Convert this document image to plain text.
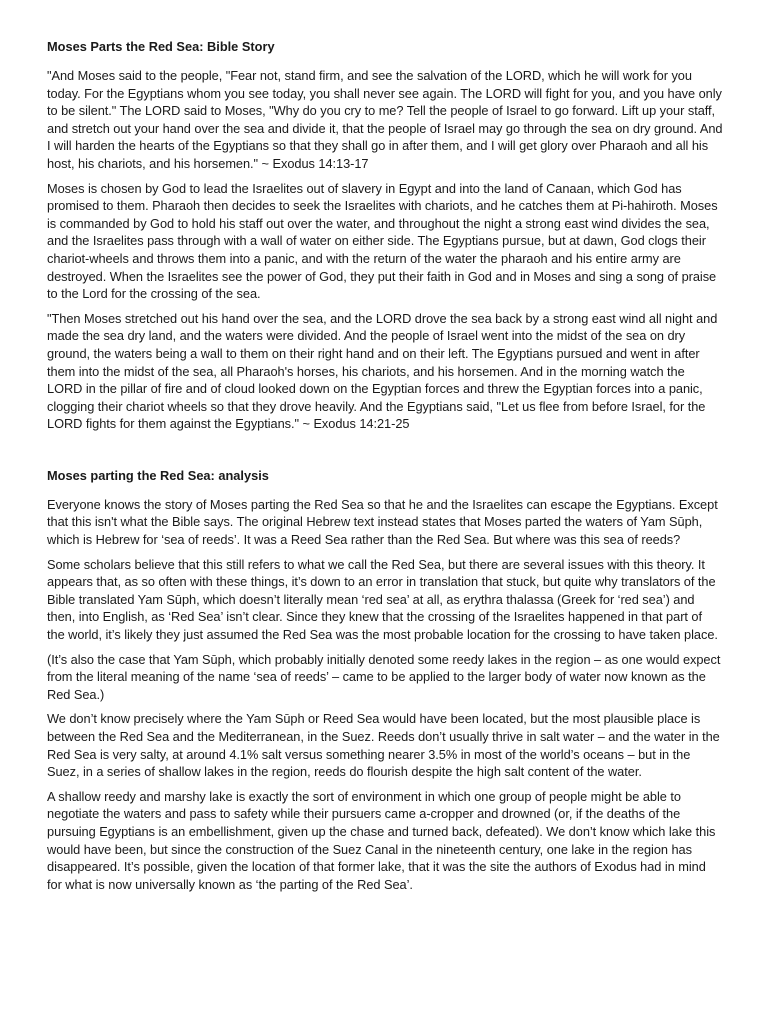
Moses Parts the Red Sea: Bible Story

"And Moses said to the people, "Fear not, stand firm, and see the salvation of the LORD, which he will work for you today. For the Egyptians whom you see today, you shall never see again. The LORD will fight for you, and you have only to be silent." The LORD said to Moses, "Why do you cry to me? Tell the people of Israel to go forward. Lift up your staff, and stretch out your hand over the sea and divide it, that the people of Israel may go through the sea on dry ground. And I will harden the hearts of the Egyptians so that they shall go in after them, and I will get glory over Pharaoh and all his host, his chariots, and his horsemen." ~ Exodus 14:13-17

Moses is chosen by God to lead the Israelites out of slavery in Egypt and into the land of Canaan, which God has promised to them. Pharaoh then decides to seek the Israelites with chariots, and he catches them at Pi-hahiroth. Moses is commanded by God to hold his staff out over the water, and throughout the night a strong east wind divides the sea, and the Israelites pass through with a wall of water on either side. The Egyptians pursue, but at dawn, God clogs their chariot-wheels and throws them into a panic, and with the return of the water the pharaoh and his entire army are destroyed. When the Israelites see the power of God, they put their faith in God and in Moses and sing a song of praise to the Lord for the crossing of the sea.

"Then Moses stretched out his hand over the sea, and the LORD drove the sea back by a strong east wind all night and made the sea dry land, and the waters were divided. And the people of Israel went into the midst of the sea on dry ground, the waters being a wall to them on their right hand and on their left. The Egyptians pursued and went in after them into the midst of the sea, all Pharaoh's horses, his chariots, and his horsemen. And in the morning watch the LORD in the pillar of fire and of cloud looked down on the Egyptian forces and threw the Egyptian forces into a panic, clogging their chariot wheels so that they drove heavily. And the Egyptians said, "Let us flee from before Israel, for the LORD fights for them against the Egyptians." ~ Exodus 14:21-25

Moses parting the Red Sea: analysis

Everyone knows the story of Moses parting the Red Sea so that he and the Israelites can escape the Egyptians. Except that this isn't what the Bible says. The original Hebrew text instead states that Moses parted the waters of Yam Sūph, which is Hebrew for ‘sea of reeds’. It was a Reed Sea rather than the Red Sea. But where was this sea of reeds?

Some scholars believe that this still refers to what we call the Red Sea, but there are several issues with this theory. It appears that, as so often with these things, it’s down to an error in translation that stuck, but quite why translators of the Bible translated Yam Sūph, which doesn’t literally mean ‘red sea’ at all, as erythra thalassa (Greek for ‘red sea’) and then, into English, as ‘Red Sea’ isn’t clear. Since they knew that the crossing of the Israelites happened in that part of the world, it’s likely they just assumed the Red Sea was the most probable location for the crossing to have taken place.

(It’s also the case that Yam Sūph, which probably initially denoted some reedy lakes in the region – as one would expect from the literal meaning of the name ‘sea of reeds’ – came to be applied to the larger body of water now known as the Red Sea.)

We don’t know precisely where the Yam Sūph or Reed Sea would have been located, but the most plausible place is between the Red Sea and the Mediterranean, in the Suez. Reeds don’t usually thrive in salt water – and the water in the Red Sea is very salty, at around 4.1% salt versus something nearer 3.5% in most of the world’s oceans – but in the Suez, in a series of shallow lakes in the region, reeds do flourish despite the high salt content of the water.

A shallow reedy and marshy lake is exactly the sort of environment in which one group of people might be able to negotiate the waters and pass to safety while their pursuers came a-cropper and drowned (or, if the deaths of the pursuing Egyptians is an embellishment, given up the chase and turned back, defeated). We don’t know which lake this would have been, but since the construction of the Suez Canal in the nineteenth century, one lake in the region has disappeared. It’s possible, given the location of that former lake, that it was the site the authors of Exodus had in mind for what is now universally known as ‘the parting of the Red Sea’.
